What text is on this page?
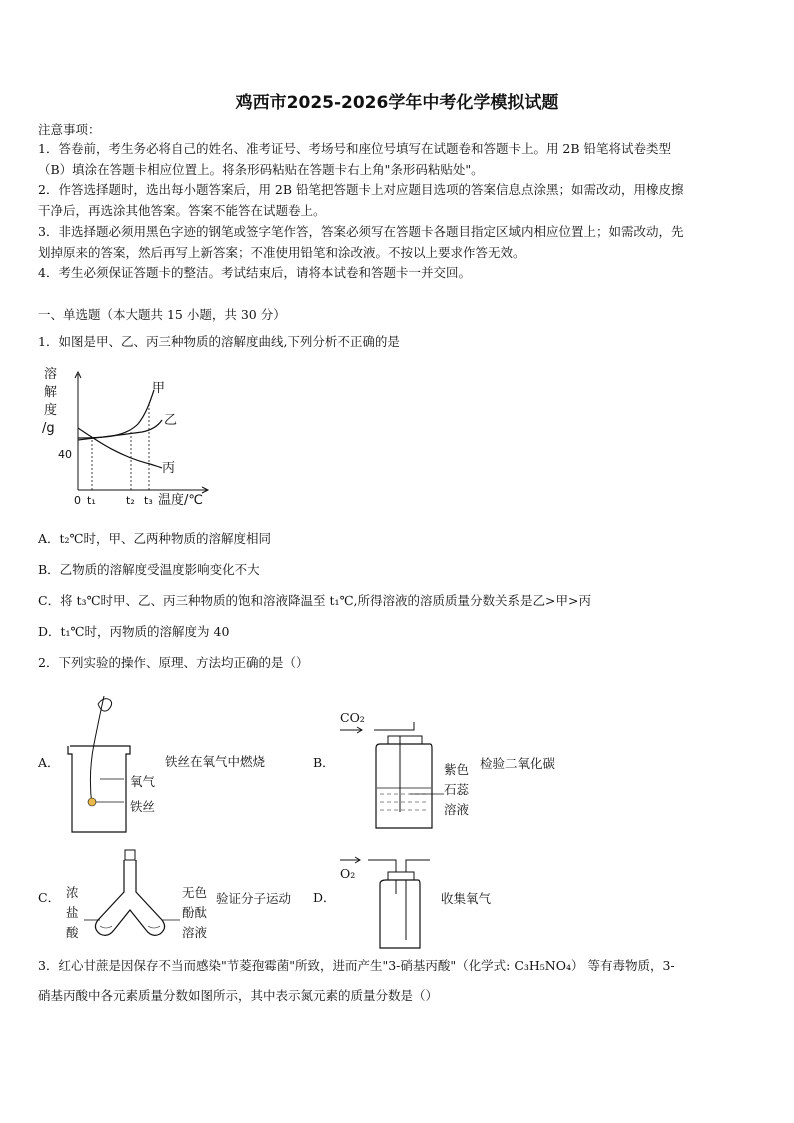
鸡西市2025-2026学年中考化学模拟试题
注意事项：
1．答卷前，考生务必将自己的姓名、准考证号、考场号和座位号填写在试题卷和答题卡上。用 2B 铅笔将试卷类型
（B）填涂在答题卡相应位置上。将条形码粘贴在答题卡右上角"条形码粘贴处"。
2．作答选择题时，选出每小题答案后，用 2B 铅笔把答题卡上对应题目选项的答案信息点涂黑；如需改动，用橡皮擦
干净后，再选涂其他答案。答案不能答在试题卷上。
3．非选择题必须用黑色字迹的钢笔或签字笔作答，答案必须写在答题卡各题目指定区域内相应位置上；如需改动，先
划掉原来的答案，然后再写上新答案；不准使用铅笔和涂改液。不按以上要求作答无效。
4．考生必须保证答题卡的整洁。考试结束后，请将本试卷和答题卡一并交回。
一、单选题（本大题共 15 小题，共 30 分）
1．如图是甲、乙、丙三种物质的溶解度曲线,下列分析不正确的是
溶
解
度
/g
40
0 t₁	t₂ t₃ 温度/℃
甲
乙
丙
A．t₂℃时，甲、乙两种物质的溶解度相同
B．乙物质的溶解度受温度影响变化不大
C．将 t₃℃时甲、乙、丙三种物质的饱和溶液降温至 t₁℃,所得溶液的溶质质量分数关系是乙>甲>丙
D．t₁℃时，丙物质的溶解度为 40
2．下列实验的操作、原理、方法均正确的是（）
A．
氧气
铁丝
铁丝在氧气中燃烧	B．
CO₂
紫色
石蕊
溶液
检验二氧化碳
C． 浓
盐
酸
无色
酚酞
溶液
验证分子运动 D．
O₂
收集氧气
3．红心甘蔗是因保存不当而感染"节菱孢霉菌"所致，进而产生"3-硝基丙酸"（化学式: C₃H₅NO₄） 等有毒物质，3-
硝基丙酸中各元素质量分数如图所示，其中表示氮元素的质量分数是（）
